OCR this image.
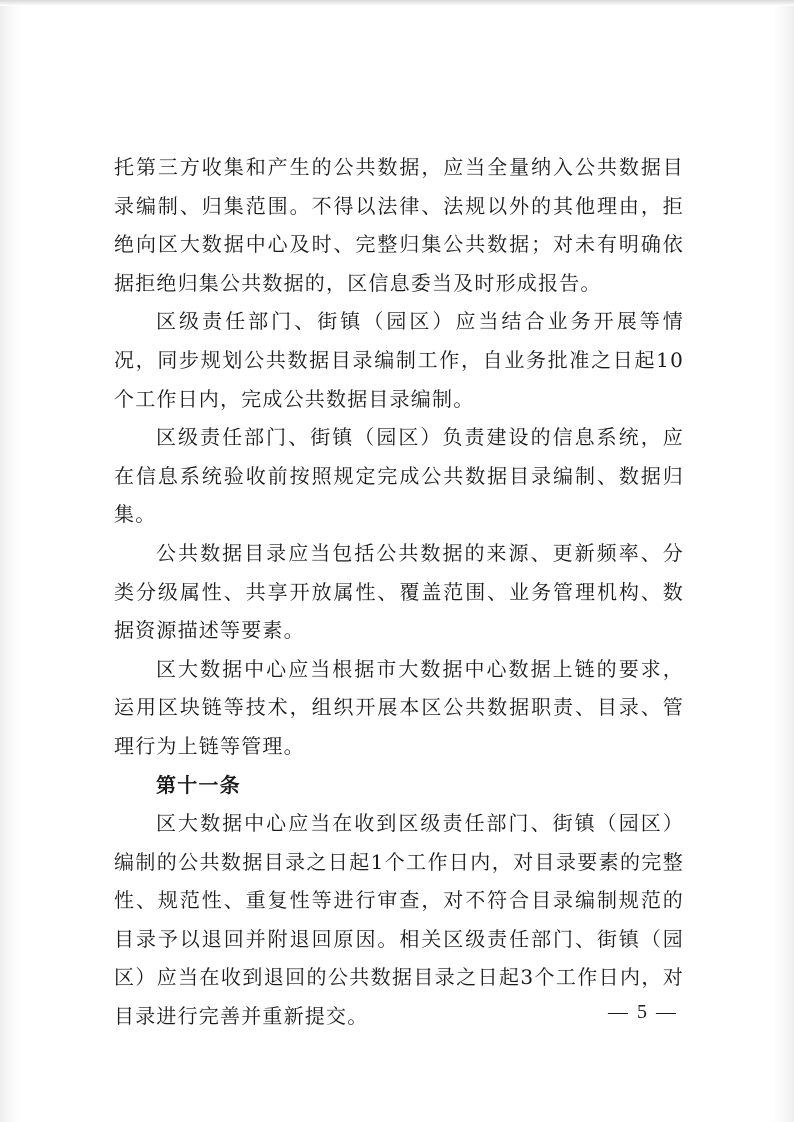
托第三方收集和产生的公共数据，应当全量纳入公共数据目录编制、归集范围。不得以法律、法规以外的其他理由，拒绝向区大数据中心及时、完整归集公共数据；对未有明确依据拒绝归集公共数据的，区信息委当及时形成报告。

区级责任部门、街镇（园区）应当结合业务开展等情况，同步规划公共数据目录编制工作，自业务批准之日起10个工作日内，完成公共数据目录编制。

区级责任部门、街镇（园区）负责建设的信息系统，应在信息系统验收前按照规定完成公共数据目录编制、数据归集。

公共数据目录应当包括公共数据的来源、更新频率、分类分级属性、共享开放属性、覆盖范围、业务管理机构、数据资源描述等要素。

区大数据中心应当根据市大数据中心数据上链的要求，运用区块链等技术，组织开展本区公共数据职责、目录、管理行为上链等管理。

第十一条

区大数据中心应当在收到区级责任部门、街镇（园区）编制的公共数据目录之日起1个工作日内，对目录要素的完整性、规范性、重复性等进行审查，对不符合目录编制规范的目录予以退回并附退回原因。相关区级责任部门、街镇（园区）应当在收到退回的公共数据目录之日起3个工作日内，对目录进行完善并重新提交。	— 5 —
